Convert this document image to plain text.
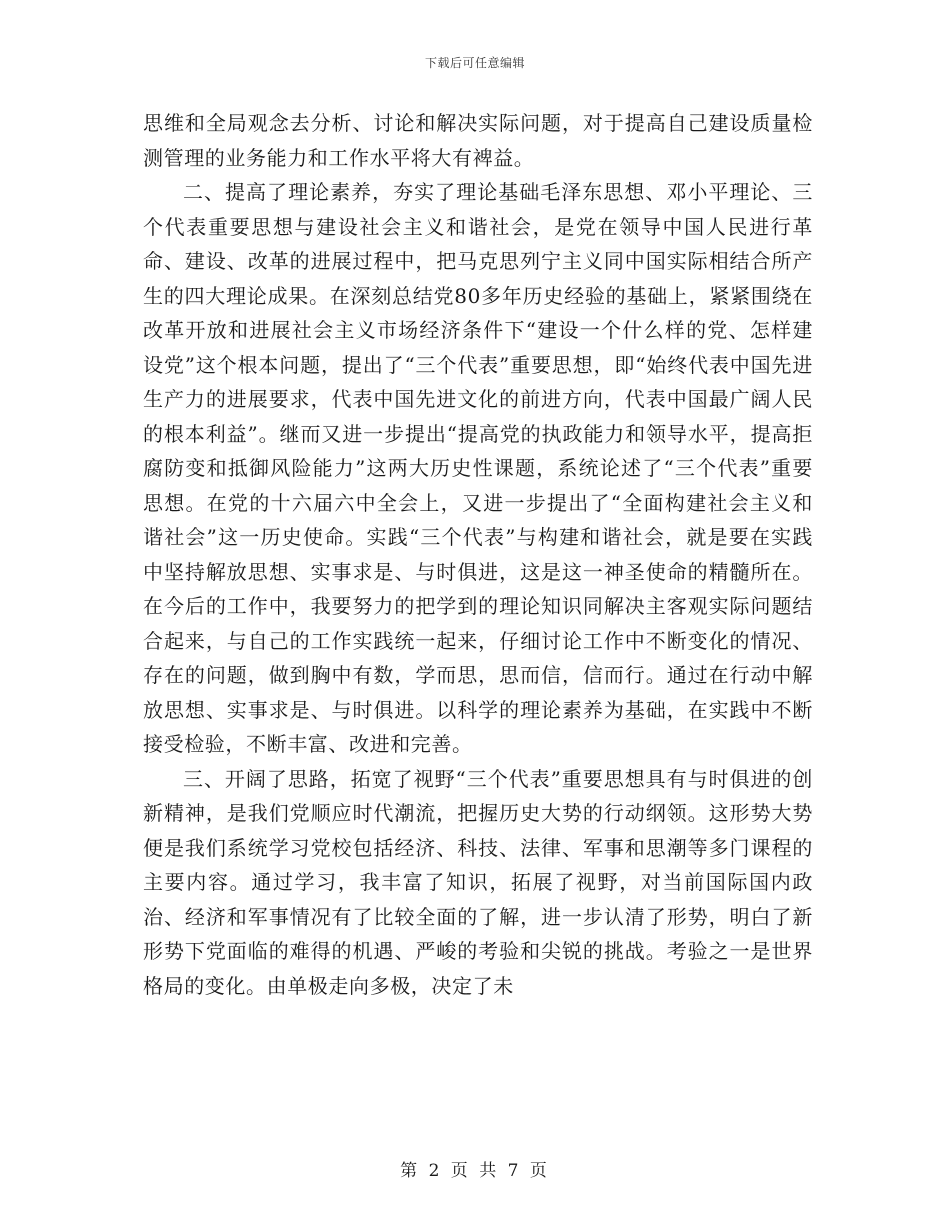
下载后可任意编辑

思维和全局观念去分析、讨论和解决实际问题，对于提高自己建设质量检测管理的业务能力和工作水平将大有裨益。

二、提高了理论素养，夯实了理论基础毛泽东思想、邓小平理论、三个代表重要思想与建设社会主义和谐社会，是党在领导中国人民进行革命、建设、改革的进展过程中，把马克思列宁主义同中国实际相结合所产生的四大理论成果。在深刻总结党80多年历史经验的基础上，紧紧围绕在改革开放和进展社会主义市场经济条件下“建设一个什么样的党、怎样建设党”这个根本问题，提出了“三个代表”重要思想，即“始终代表中国先进生产力的进展要求，代表中国先进文化的前进方向，代表中国最广阔人民的根本利益”。继而又进一步提出“提高党的执政能力和领导水平，提高拒腐防变和抵御风险能力”这两大历史性课题，系统论述了“三个代表”重要思想。在党的十六届六中全会上，又进一步提出了“全面构建社会主义和谐社会”这一历史使命。实践“三个代表”与构建和谐社会，就是要在实践中坚持解放思想、实事求是、与时俱进，这是这一神圣使命的精髓所在。在今后的工作中，我要努力的把学到的理论知识同解决主客观实际问题结合起来，与自己的工作实践统一起来，仔细讨论工作中不断变化的情况、存在的问题，做到胸中有数，学而思，思而信，信而行。通过在行动中解放思想、实事求是、与时俱进。以科学的理论素养为基础，在实践中不断接受检验，不断丰富、改进和完善。

三、开阔了思路，拓宽了视野“三个代表”重要思想具有与时俱进的创新精神，是我们党顺应时代潮流，把握历史大势的行动纲领。这形势大势便是我们系统学习党校包括经济、科技、法律、军事和思潮等多门课程的主要内容。通过学习，我丰富了知识，拓展了视野，对当前国际国内政治、经济和军事情况有了比较全面的了解，进一步认清了形势，明白了新形势下党面临的难得的机遇、严峻的考验和尖锐的挑战。考验之一是世界格局的变化。由单极走向多极，决定了未

第 2 页 共 7 页
